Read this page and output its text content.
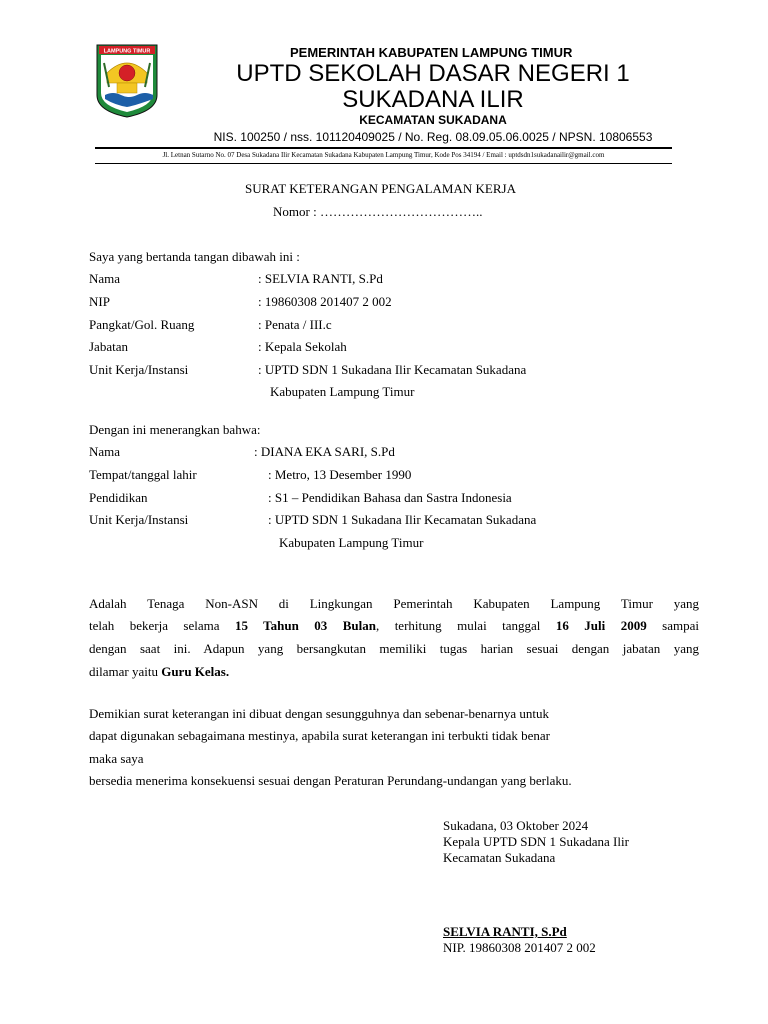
LAMPUNG TIMUR	PEMERINTAH KABUPATEN LAMPUNG TIMUR
UPTD SEKOLAH DASAR NEGERI 1
SUKADANA ILIR
KECAMATAN SUKADANA
NIS. 100250 / nss. 101120409025 / No. Reg. 08.09.05.06.0025 / NPSN. 10806553
Jl. Letnan Sutarno No. 07 Desa Sukadana Ilir Kecamatan Sukadana Kabupaten Lampung Timur, Kode Pos 34194 / Email : uptdsdn1sukadanailir@gmail.com
SURAT KETERANGAN PENGALAMAN KERJA
Nomor : ………………………………..
Saya yang bertanda tangan dibawah ini :
Nama	: SELVIA RANTI, S.Pd
NIP	: 19860308 201407 2 002
Pangkat/Gol. Ruang	: Penata / III.c
Jabatan	: Kepala Sekolah
Unit Kerja/Instansi	: UPTD SDN 1 Sukadana Ilir Kecamatan Sukadana
Kabupaten Lampung Timur
Dengan ini menerangkan bahwa:
Nama	: DIANA EKA SARI, S.Pd
Tempat/tanggal lahir	: Metro, 13 Desember 1990
Pendidikan	: S1 – Pendidikan Bahasa dan Sastra Indonesia
Unit Kerja/Instansi	: UPTD SDN 1 Sukadana Ilir Kecamatan Sukadana
Kabupaten Lampung Timur
Adalah Tenaga Non-ASN di Lingkungan Pemerintah Kabupaten Lampung Timur yang
telah bekerja selama 15 Tahun 03 Bulan, terhitung mulai tanggal 16 Juli 2009 sampai
dengan saat ini. Adapun yang bersangkutan memiliki tugas harian sesuai dengan jabatan yang
dilamar yaitu Guru Kelas.
Demikian surat keterangan ini dibuat dengan sesungguhnya dan sebenar-benarnya untuk
dapat digunakan sebagaimana mestinya, apabila surat keterangan ini terbukti tidak benar
maka saya
bersedia menerima konsekuensi sesuai dengan Peraturan Perundang-undangan yang berlaku.
Sukadana, 03 Oktober 2024
Kepala UPTD SDN 1 Sukadana Ilir
Kecamatan Sukadana
SELVIA RANTI, S.Pd
NIP. 19860308 201407 2 002
